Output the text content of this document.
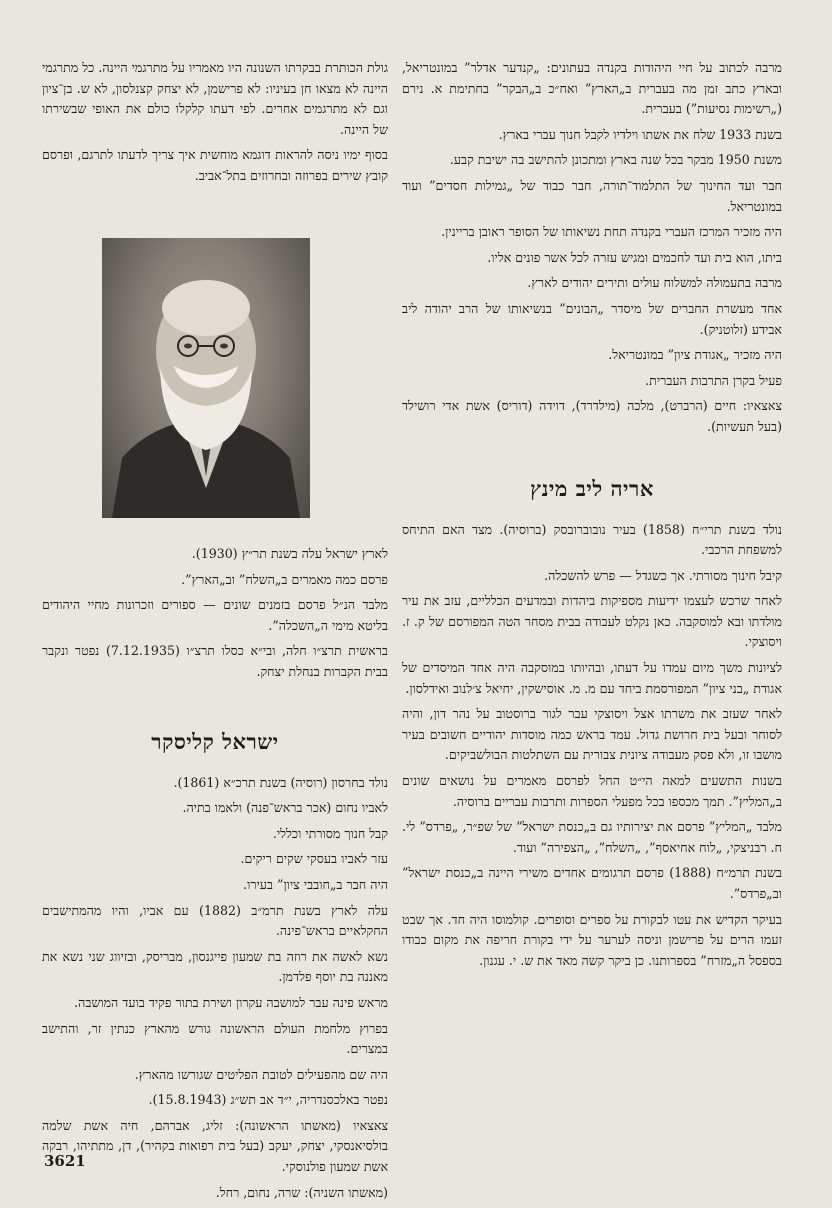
מרבה לכתוב על חיי היהודות בקנדה בעתונים: „קנדער אדלר” במונטריאל, ובארץ כתב זמן מה בעברית ב„הארץ” ואח״כ ב„הבקר” בחתימת א. נירם („רשימות נסיעות”) בעברית.

בשנת 1933 שלח את אשתו וילדיו לקבל חנוך עברי בארץ.

משנת 1950 מבקר בכל שנה בארץ ומתכונן להתישב בה ישיבת קבע.

חבר ועד החינוך של התלמוד־תורה, חבר כבוד של „גמילות חסדים” ועוד במונטריאל.

היה מזכיר המרכז העברי בקנדה תחת נשיאותו של הסופר ראובן בריינין.

ביתו, הוא בית ועד לחכמים ומגיש עזרה לכל אשר פונים אליו.

מרבה בתעמולה למשלוח עולים ותירים יהודים לארץ.

אחד מעשרת החברים של מיסדר „הבונים” בנשיאותו של הרב יהודה ליב אבידע (זלוטניק).

היה מזכיר „אגודת ציון” במונטריאל.

פעיל בקרן התרבות העברית.

צאצאיו: חיים (הרברט), מלכה (מילדרד), דוידה (דוריס) אשת אדי רושילד (בעל תעשיות).

אריה ליב מינץ

נולד בשנת תרי״ח (1858) בעיר נובוברובסק (ברוסיה). מצד האם התיחס למשפחת הרכבי.

קיבל חינוך מסורתי. אך כשגדל — פרש להשכלה.

לאחר שרכש לעצמו ידיעות מספיקות ביהדות ובמדעים הכלליים, עזב את עיר מולדתו ובא למוסקבה. כאן נקלט לעבודה בבית מסחר הטה המפורסם של ק. ז. ויסוצקי.

לציונות משך מיום עמדו על דעתו, ובהיותו במוסקבה היה אחד המיסדים של אגודת „בני ציון” המפורסמת ביחד עם מ. מ. אוסישקין, יחיאל צ׳לנוב ואידלסון.

לאחר שעזב את משרתו אצל ויסוצקי עבר לגור ברוסטוב על נהר דון, והיה לסוחר ובעל בית חרושת גדול. עמד בראש כמה מוסדות יהודיים חשובים בעיר מושבו זו, ולא פסק מעבודה ציונית צבורית עם השתלטות הבולשביקים.

בשנות התשעים למאה הי״ט החל לפרסם מאמרים על נושאים שונים ב„המליץ”. תמך מכספו בכל מפעלי הספרות ותרבות עבריים ברוסיה.

מלבד „המליץ” פרסם את יצירותיו גם ב„כנסת ישראל” של שפ״ר, „פרדס” לי. ח. רבניצקי, „לוח אחיאסף”, „השלח”, „הצפירה” ועוד.

בשנת תרמ״ח (1888) פרסם תרגומים אחדים משירי היינה ב„כנסת ישראל” וב„פרדס”.

בעיקר הקדיש את עטו לבקורת על ספרים וסופרים. קולמוסו היה חד. אך שבט זעמו הרים על פרישמן וניסה לערער על ידי בקורת חריפה את מקום כבודו בספסל ה„מזרח” בספרותנו. כן ביקר קשה מאד את ש. י. עגנון.

גולת הכותרת בבקרתו השנונה היו מאמריו על מתרגמי היינה. כל מתרגמי היינה לא מצאו חן בעיניו: לא פרישמן, לא יצחק קצנלסון, לא ש. בן־ציון וגם לא מתרגמים אחרים. לפי דעתו קלקלו כולם את האופי שבשירתו של היינה.

בסוף ימיו ניסה להראות דוגמא מוחשית איך צריך לדעתו לתרגם, ופרסם קובץ שירים בפרוזה ובחרוזים בתל־אביב.

לארץ ישראל עלה בשנת תר״ץ (1930).

פרסם כמה מאמרים ב„השלח” וב„הארץ”.

מלבד הנ״ל פרסם בזמנים שונים — ספורים וזכרונות מחיי היהודים בליטא מימי ה„השכלה”.

בראשית תרצ״ו חלה, ובי״א כסלו תרצ״ו (7.12.1935) נפטר ונקבר בבית הקברות בנחלת יצחק.

ישראל קליסקר

נולד בחרסון (רוסיה) בשנת תרכ״א (1861).

לאביו נחום (אכר בראש־פנה) ולאמו בתיה.

קבל חנוך מסורתי וכללי.

עזר לאביו בעסקי שקים ריקים.

היה חבר ב„חובבי ציון” בעירו.

עלה לארץ בשנת תרמ״ב (1882) עם אביו, והיו מהמתישבים החקלאיים בראש־פינה.

נשא לאשה את רוזה בת שמעון פייגנסון, מבריסק, ובזיווג שני נשא את מאננה בת יוסף פלדמן.

מראש פינה עבר למושבה עקרון ושירת בתור פקיד בועד המושבה.

בפרוץ מלחמת העולם הראשונה גורש מהארץ כנתין זר, והתישב במצרים.

היה שם מהפעילים לטובת הפליטים שגורשו מהארץ.

נפטר באלכסנדריה, י״ד אב תש״ג (15.8.1943).

צאצאיו (מאשתו הראשונה): זליג, אברהם, חיה אשת שלמה בולסיאנסקי, יצחק, יעקב (בעל בית רפואות בקהיר), דן, מתתיהו, רבקה אשת שמעון פולנוסקי.

(מאשתו השניה): שרה, נחום, רחל.

3621
